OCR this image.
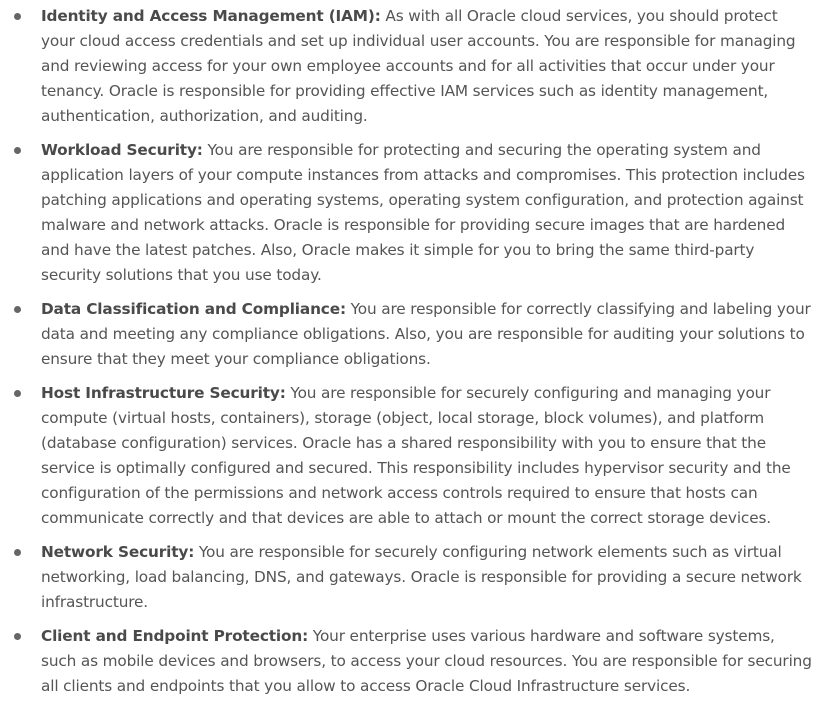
Identity and Access Management (IAM): As with all Oracle cloud services, you should protect your cloud access credentials and set up individual user accounts. You are responsible for managing and reviewing access for your own employee accounts and for all activities that occur under your tenancy. Oracle is responsible for providing effective IAM services such as identity management, authentication, authorization, and auditing.
Workload Security: You are responsible for protecting and securing the operating system and application layers of your compute instances from attacks and compromises. This protection includes patching applications and operating systems, operating system configuration, and protection against malware and network attacks. Oracle is responsible for providing secure images that are hardened and have the latest patches. Also, Oracle makes it simple for you to bring the same third-party security solutions that you use today.
Data Classification and Compliance: You are responsible for correctly classifying and labeling your data and meeting any compliance obligations. Also, you are responsible for auditing your solutions to ensure that they meet your compliance obligations.
Host Infrastructure Security: You are responsible for securely configuring and managing your compute (virtual hosts, containers), storage (object, local storage, block volumes), and platform (database configuration) services. Oracle has a shared responsibility with you to ensure that the service is optimally configured and secured. This responsibility includes hypervisor security and the configuration of the permissions and network access controls required to ensure that hosts can communicate correctly and that devices are able to attach or mount the correct storage devices.
Network Security: You are responsible for securely configuring network elements such as virtual networking, load balancing, DNS, and gateways. Oracle is responsible for providing a secure network infrastructure.
Client and Endpoint Protection: Your enterprise uses various hardware and software systems, such as mobile devices and browsers, to access your cloud resources. You are responsible for securing all clients and endpoints that you allow to access Oracle Cloud Infrastructure services.
